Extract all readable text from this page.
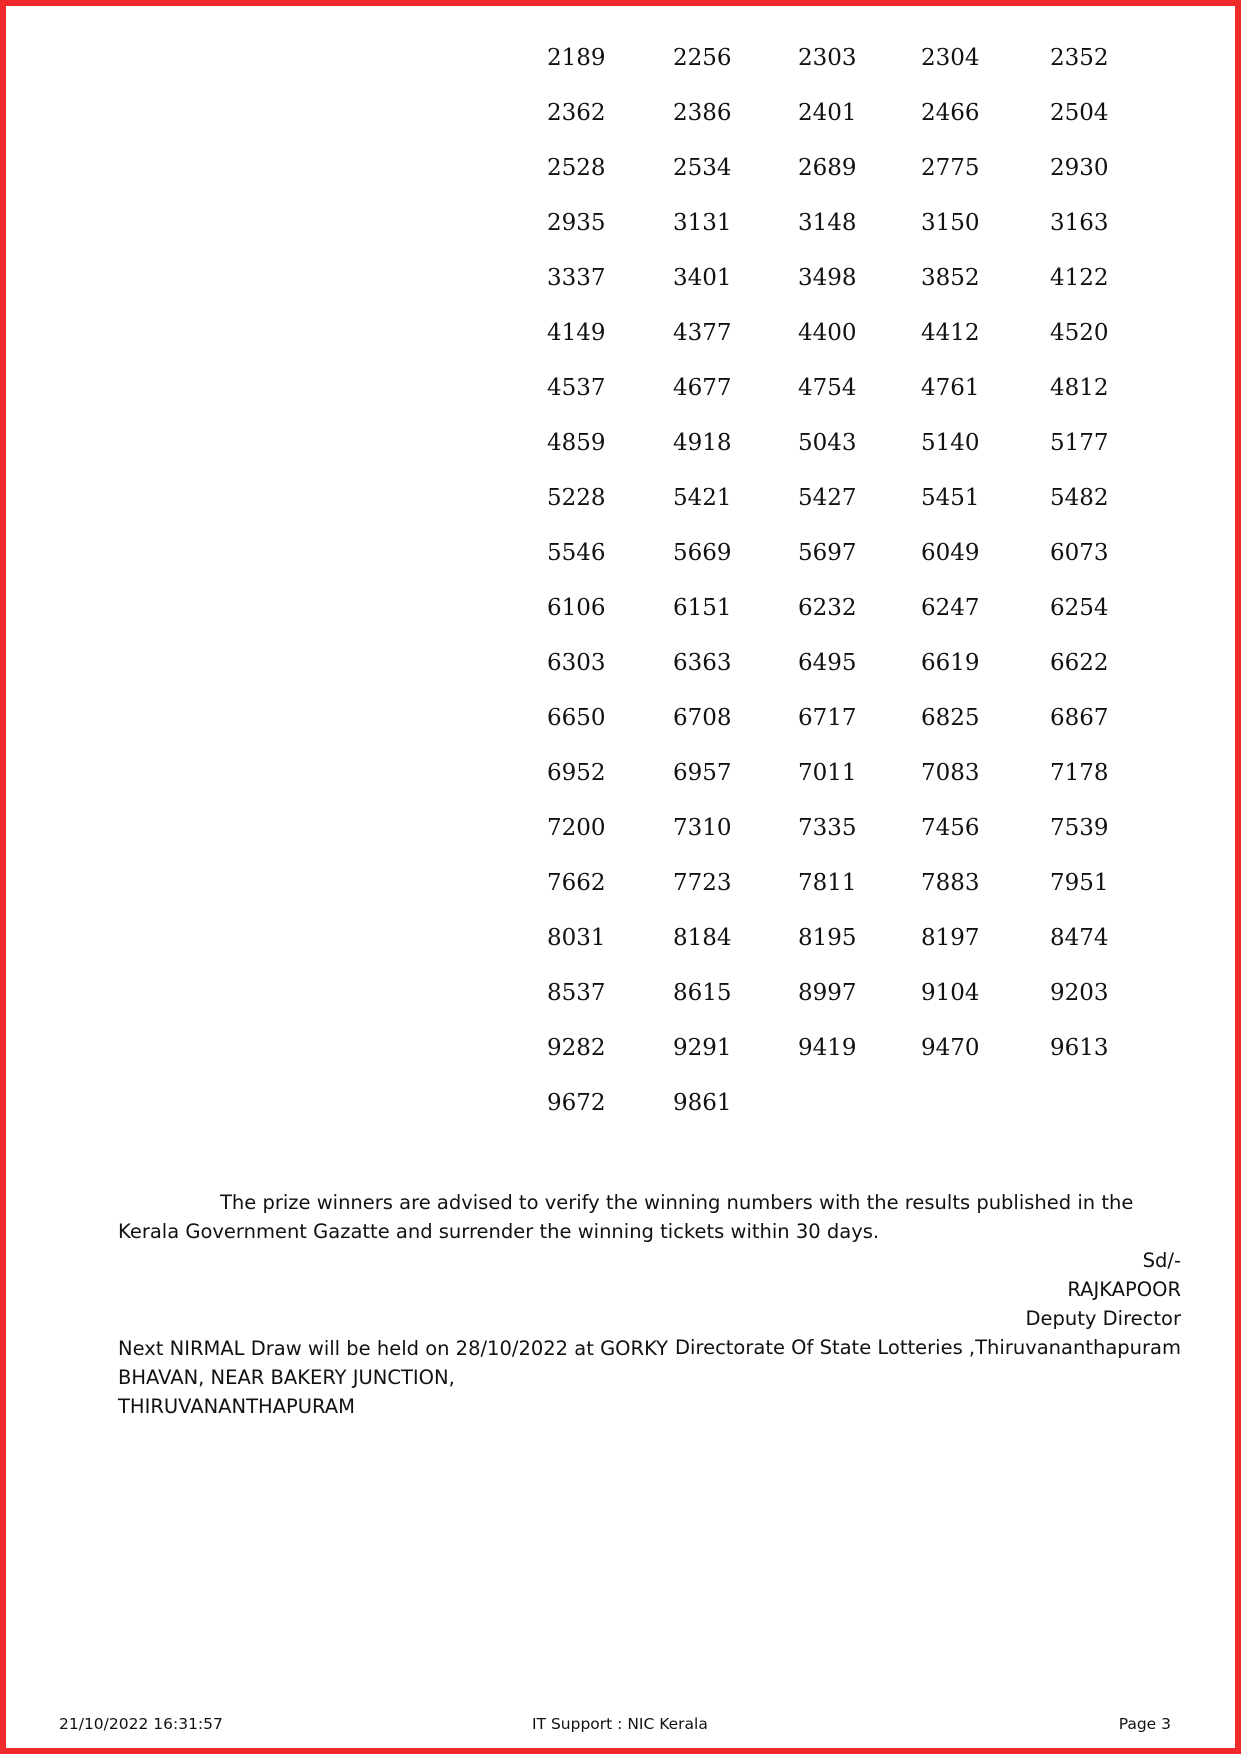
2189	2256	2303	2304	2352
2362	2386	2401	2466	2504
2528	2534	2689	2775	2930
2935	3131	3148	3150	3163
3337	3401	3498	3852	4122
4149	4377	4400	4412	4520
4537	4677	4754	4761	4812
4859	4918	5043	5140	5177
5228	5421	5427	5451	5482
5546	5669	5697	6049	6073
6106	6151	6232	6247	6254
6303	6363	6495	6619	6622
6650	6708	6717	6825	6867
6952	6957	7011	7083	7178
7200	7310	7335	7456	7539
7662	7723	7811	7883	7951
8031	8184	8195	8197	8474
8537	8615	8997	9104	9203
9282	9291	9419	9470	9613
9672	9861

The prize winners are advised to verify the winning numbers with the results published in the Kerala Government Gazatte and surrender the winning tickets within 30 days.

Sd/-
RAJKAPOOR
Deputy Director
Directorate Of State Lotteries ,Thiruvananthapuram

Next NIRMAL Draw will be held on 28/10/2022 at GORKY
BHAVAN, NEAR BAKERY JUNCTION,
THIRUVANANTHAPURAM

21/10/2022 16:31:57	IT Support : NIC Kerala	Page 3
